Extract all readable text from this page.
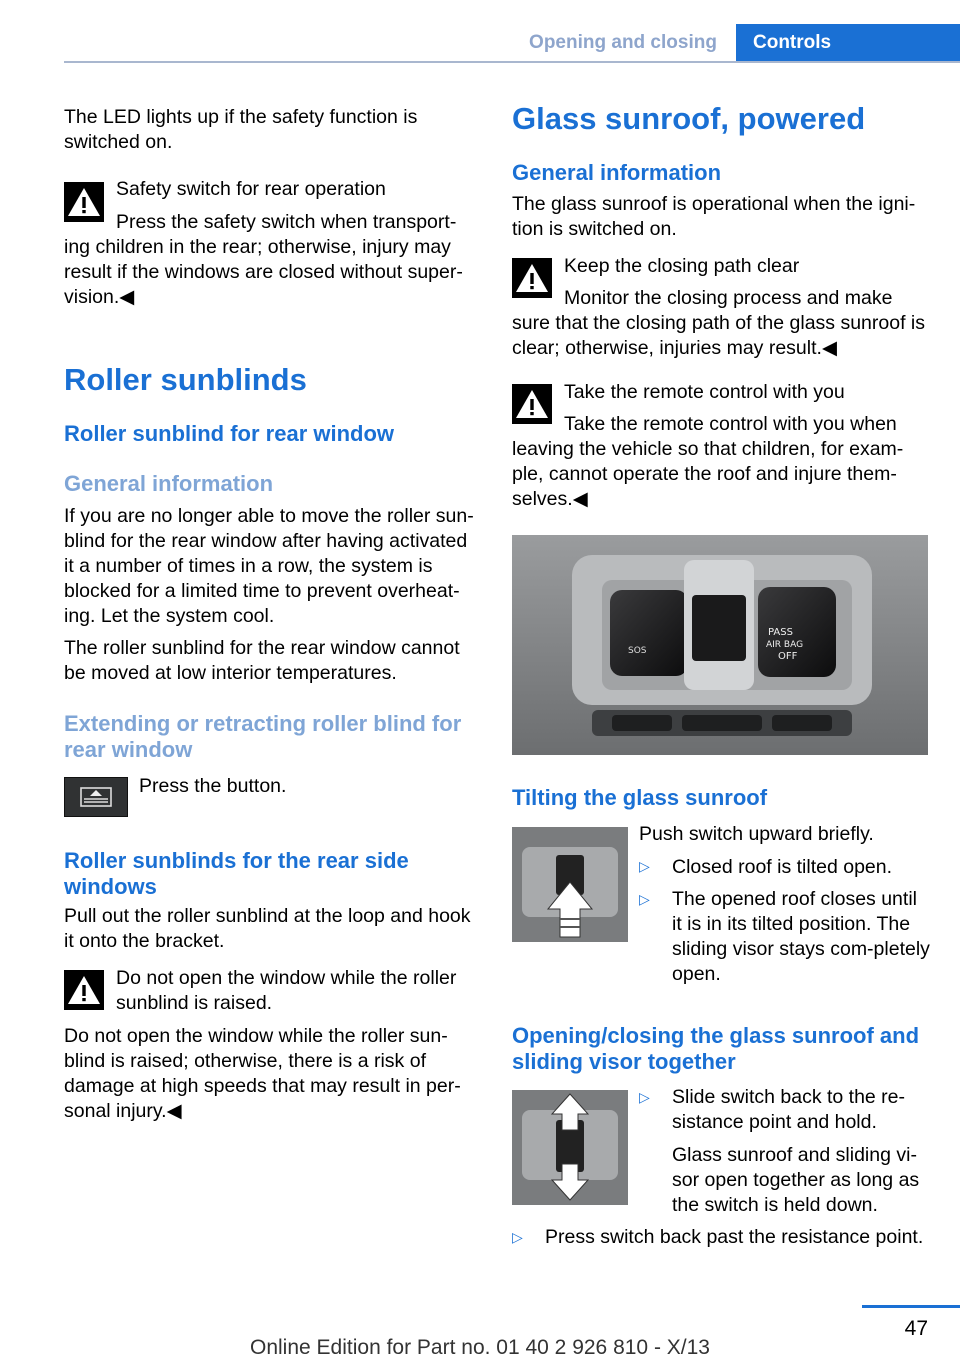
Opening and closing	Controls

The LED lights up if the safety function is switched on.

Safety switch for rear operation

Press the safety switch when transport‐ing children in the rear; otherwise, injury may result if the windows are closed without super‐vision.◀

Roller sunblinds
Roller sunblind for rear window
General information

If you are no longer able to move the roller sun‐blind for the rear window after having activated it a number of times in a row, the system is blocked for a limited time to prevent overheat‐ing. Let the system cool.

The roller sunblind for the rear window cannot be moved at low interior temperatures.

Extending or retracting roller blind for rear window

Press the button.

Roller sunblinds for the rear side windows

Pull out the roller sunblind at the loop and hook it onto the bracket.

Do not open the window while the roller sunblind is raised.

Do not open the window while the roller sun‐blind is raised; otherwise, there is a risk of damage at high speeds that may result in per‐sonal injury.◀

Glass sunroof, powered
General information

The glass sunroof is operational when the igni‐tion is switched on.

Keep the closing path clear

Monitor the closing process and make sure that the closing path of the glass sunroof is clear; otherwise, injuries may result.◀

Take the remote control with you

Take the remote control with you when leaving the vehicle so that children, for exam‐ple, cannot operate the roof and injure them‐selves.◀

SOS
PASS
AIR BAG
OFF
Tilting the glass sunroof

Push switch upward briefly.

▷ Closed roof is tilted open.
▷ The opened roof closes until it is in its tilted position. The sliding visor stays com‐pletely open.
Opening/closing the glass sunroof and sliding visor together
▷ Slide switch back to the re‐sistance point and hold.
Glass sunroof and sliding vi‐sor open together as long as the switch is held down.
▷ Press switch back past the resistance point.
47
Online Edition for Part no. 01 40 2 926 810 - X/13
